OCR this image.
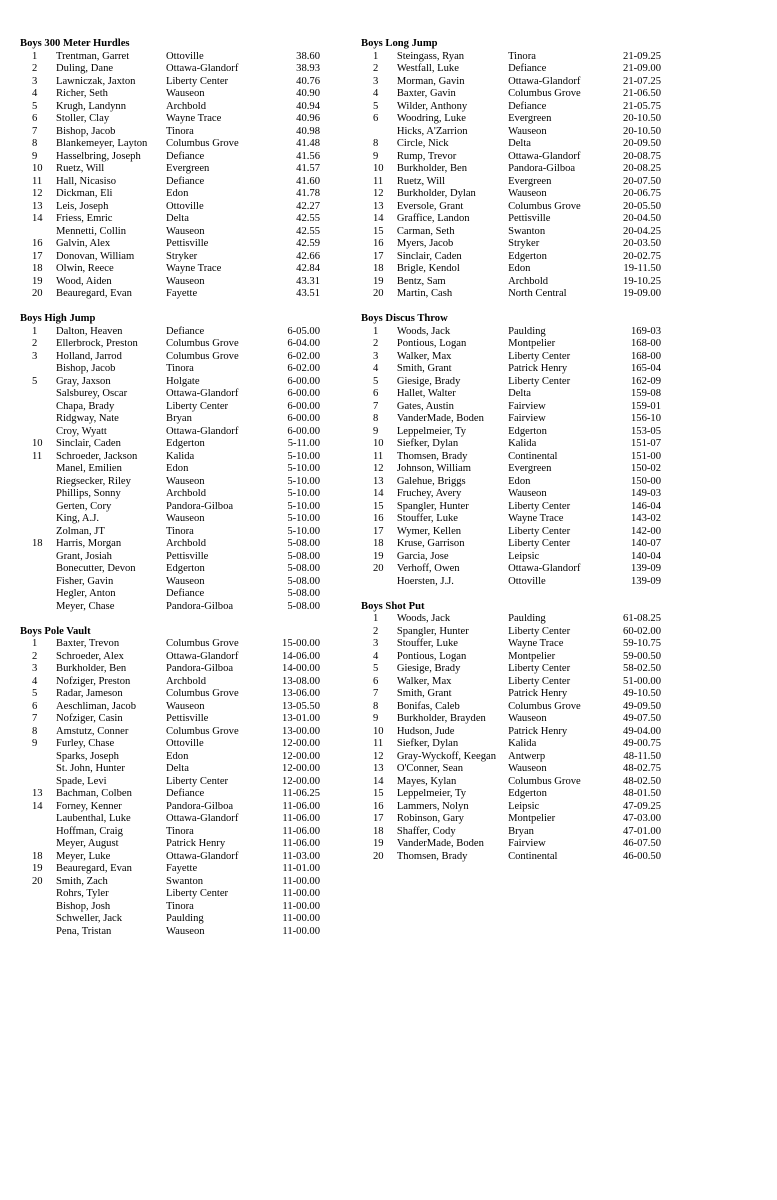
Boys 300 Meter Hurdles
1	Trentman, Garret	Ottoville	38.60
2	Duling, Dane	Ottawa-Glandorf	38.93
3	Lawniczak, Jaxton	Liberty Center	40.76
4	Richer, Seth	Wauseon	40.90
5	Krugh, Landynn	Archbold	40.94
6	Stoller, Clay	Wayne Trace	40.96
7	Bishop, Jacob	Tinora	40.98
8	Blankemeyer, Layton	Columbus Grove	41.48
9	Hasselbring, Joseph	Defiance	41.56
10	Ruetz, Will	Evergreen	41.57
11	Hall, Nicasiso	Defiance	41.60
12	Dickman, Eli	Edon	41.78
13	Leis, Joseph	Ottoville	42.27
14	Friess, Emric	Delta	42.55
Mennetti, Collin	Wauseon	42.55
16	Galvin, Alex	Pettisville	42.59
17	Donovan, William	Stryker	42.66
18	Olwin, Reece	Wayne Trace	42.84
19	Wood, Aiden	Wauseon	43.31
20	Beauregard, Evan	Fayette	43.51
Boys High Jump
1	Dalton, Heaven	Defiance	6-05.00
2	Ellerbrock, Preston	Columbus Grove	6-04.00
3	Holland, Jarrod	Columbus Grove	6-02.00
Bishop, Jacob	Tinora	6-02.00
5	Gray, Jaxson	Holgate	6-00.00
Salsburey, Oscar	Ottawa-Glandorf	6-00.00
Chapa, Brady	Liberty Center	6-00.00
Ridgway, Nate	Bryan	6-00.00
Croy, Wyatt	Ottawa-Glandorf	6-00.00
10	Sinclair, Caden	Edgerton	5-11.00
11	Schroeder, Jackson	Kalida	5-10.00
Manel, Emilien	Edon	5-10.00
Riegsecker, Riley	Wauseon	5-10.00
Phillips, Sonny	Archbold	5-10.00
Gerten, Cory	Pandora-Gilboa	5-10.00
King, A.J.	Wauseon	5-10.00
Zolman, JT	Tinora	5-10.00
18	Harris, Morgan	Archbold	5-08.00
Grant, Josiah	Pettisville	5-08.00
Bonecutter, Devon	Edgerton	5-08.00
Fisher, Gavin	Wauseon	5-08.00
Hegler, Anton	Defiance	5-08.00
Meyer, Chase	Pandora-Gilboa	5-08.00
Boys Pole Vault
1	Baxter, Trevon	Columbus Grove	15-00.00
2	Schroeder, Alex	Ottawa-Glandorf	14-06.00
3	Burkholder, Ben	Pandora-Gilboa	14-00.00
4	Nofziger, Preston	Archbold	13-08.00
5	Radar, Jameson	Columbus Grove	13-06.00
6	Aeschliman, Jacob	Wauseon	13-05.50
7	Nofziger, Casin	Pettisville	13-01.00
8	Amstutz, Conner	Columbus Grove	13-00.00
9	Furley, Chase	Ottoville	12-00.00
Sparks, Joseph	Edon	12-00.00
St. John, Hunter	Delta	12-00.00
Spade, Levi	Liberty Center	12-00.00
13	Bachman, Colben	Defiance	11-06.25
14	Forney, Kenner	Pandora-Gilboa	11-06.00
Laubenthal, Luke	Ottawa-Glandorf	11-06.00
Hoffman, Craig	Tinora	11-06.00
Meyer, August	Patrick Henry	11-06.00
18	Meyer, Luke	Ottawa-Glandorf	11-03.00
19	Beauregard, Evan	Fayette	11-01.00
20	Smith, Zach	Swanton	11-00.00
Rohrs, Tyler	Liberty Center	11-00.00
Bishop, Josh	Tinora	11-00.00
Schweller, Jack	Paulding	11-00.00
Pena, Tristan	Wauseon	11-00.00
Boys Long Jump
1	Steingass, Ryan	Tinora	21-09.25
2	Westfall, Luke	Defiance	21-09.00
3	Morman, Gavin	Ottawa-Glandorf	21-07.25
4	Baxter, Gavin	Columbus Grove	21-06.50
5	Wilder, Anthony	Defiance	21-05.75
6	Woodring, Luke	Evergreen	20-10.50
Hicks, A'Zarrion	Wauseon	20-10.50
8	Circle, Nick	Delta	20-09.50
9	Rump, Trevor	Ottawa-Glandorf	20-08.75
10	Burkholder, Ben	Pandora-Gilboa	20-08.25
11	Ruetz, Will	Evergreen	20-07.50
12	Burkholder, Dylan	Wauseon	20-06.75
13	Eversole, Grant	Columbus Grove	20-05.50
14	Graffice, Landon	Pettisville	20-04.50
15	Carman, Seth	Swanton	20-04.25
16	Myers, Jacob	Stryker	20-03.50
17	Sinclair, Caden	Edgerton	20-02.75
18	Brigle, Kendol	Edon	19-11.50
19	Bentz, Sam	Archbold	19-10.25
20	Martin, Cash	North Central	19-09.00
Boys Discus Throw
1	Woods, Jack	Paulding	169-03
2	Pontious, Logan	Montpelier	168-00
3	Walker, Max	Liberty Center	168-00
4	Smith, Grant	Patrick Henry	165-04
5	Giesige, Brady	Liberty Center	162-09
6	Hallet, Walter	Delta	159-08
7	Gates, Austin	Fairview	159-01
8	VanderMade, Boden	Fairview	156-10
9	Leppelmeier, Ty	Edgerton	153-05
10	Siefker, Dylan	Kalida	151-07
11	Thomsen, Brady	Continental	151-00
12	Johnson, William	Evergreen	150-02
13	Galehue, Briggs	Edon	150-00
14	Fruchey, Avery	Wauseon	149-03
15	Spangler, Hunter	Liberty Center	146-04
16	Stouffer, Luke	Wayne Trace	143-02
17	Wymer, Kellen	Liberty Center	142-00
18	Kruse, Garrison	Liberty Center	140-07
19	Garcia, Jose	Leipsic	140-04
20	Verhoff, Owen	Ottawa-Glandorf	139-09
Hoersten, J.J.	Ottoville	139-09
Boys Shot Put
1	Woods, Jack	Paulding	61-08.25
2	Spangler, Hunter	Liberty Center	60-02.00
3	Stouffer, Luke	Wayne Trace	59-10.75
4	Pontious, Logan	Montpelier	59-00.50
5	Giesige, Brady	Liberty Center	58-02.50
6	Walker, Max	Liberty Center	51-00.00
7	Smith, Grant	Patrick Henry	49-10.50
8	Bonifas, Caleb	Columbus Grove	49-09.50
9	Burkholder, Brayden	Wauseon	49-07.50
10	Hudson, Jude	Patrick Henry	49-04.00
11	Siefker, Dylan	Kalida	49-00.75
12	Gray-Wyckoff, Keegan	Antwerp	48-11.50
13	O'Conner, Sean	Wauseon	48-02.75
14	Mayes, Kylan	Columbus Grove	48-02.50
15	Leppelmeier, Ty	Edgerton	48-01.50
16	Lammers, Nolyn	Leipsic	47-09.25
17	Robinson, Gary	Montpelier	47-03.00
18	Shaffer, Cody	Bryan	47-01.00
19	VanderMade, Boden	Fairview	46-07.50
20	Thomsen, Brady	Continental	46-00.50
